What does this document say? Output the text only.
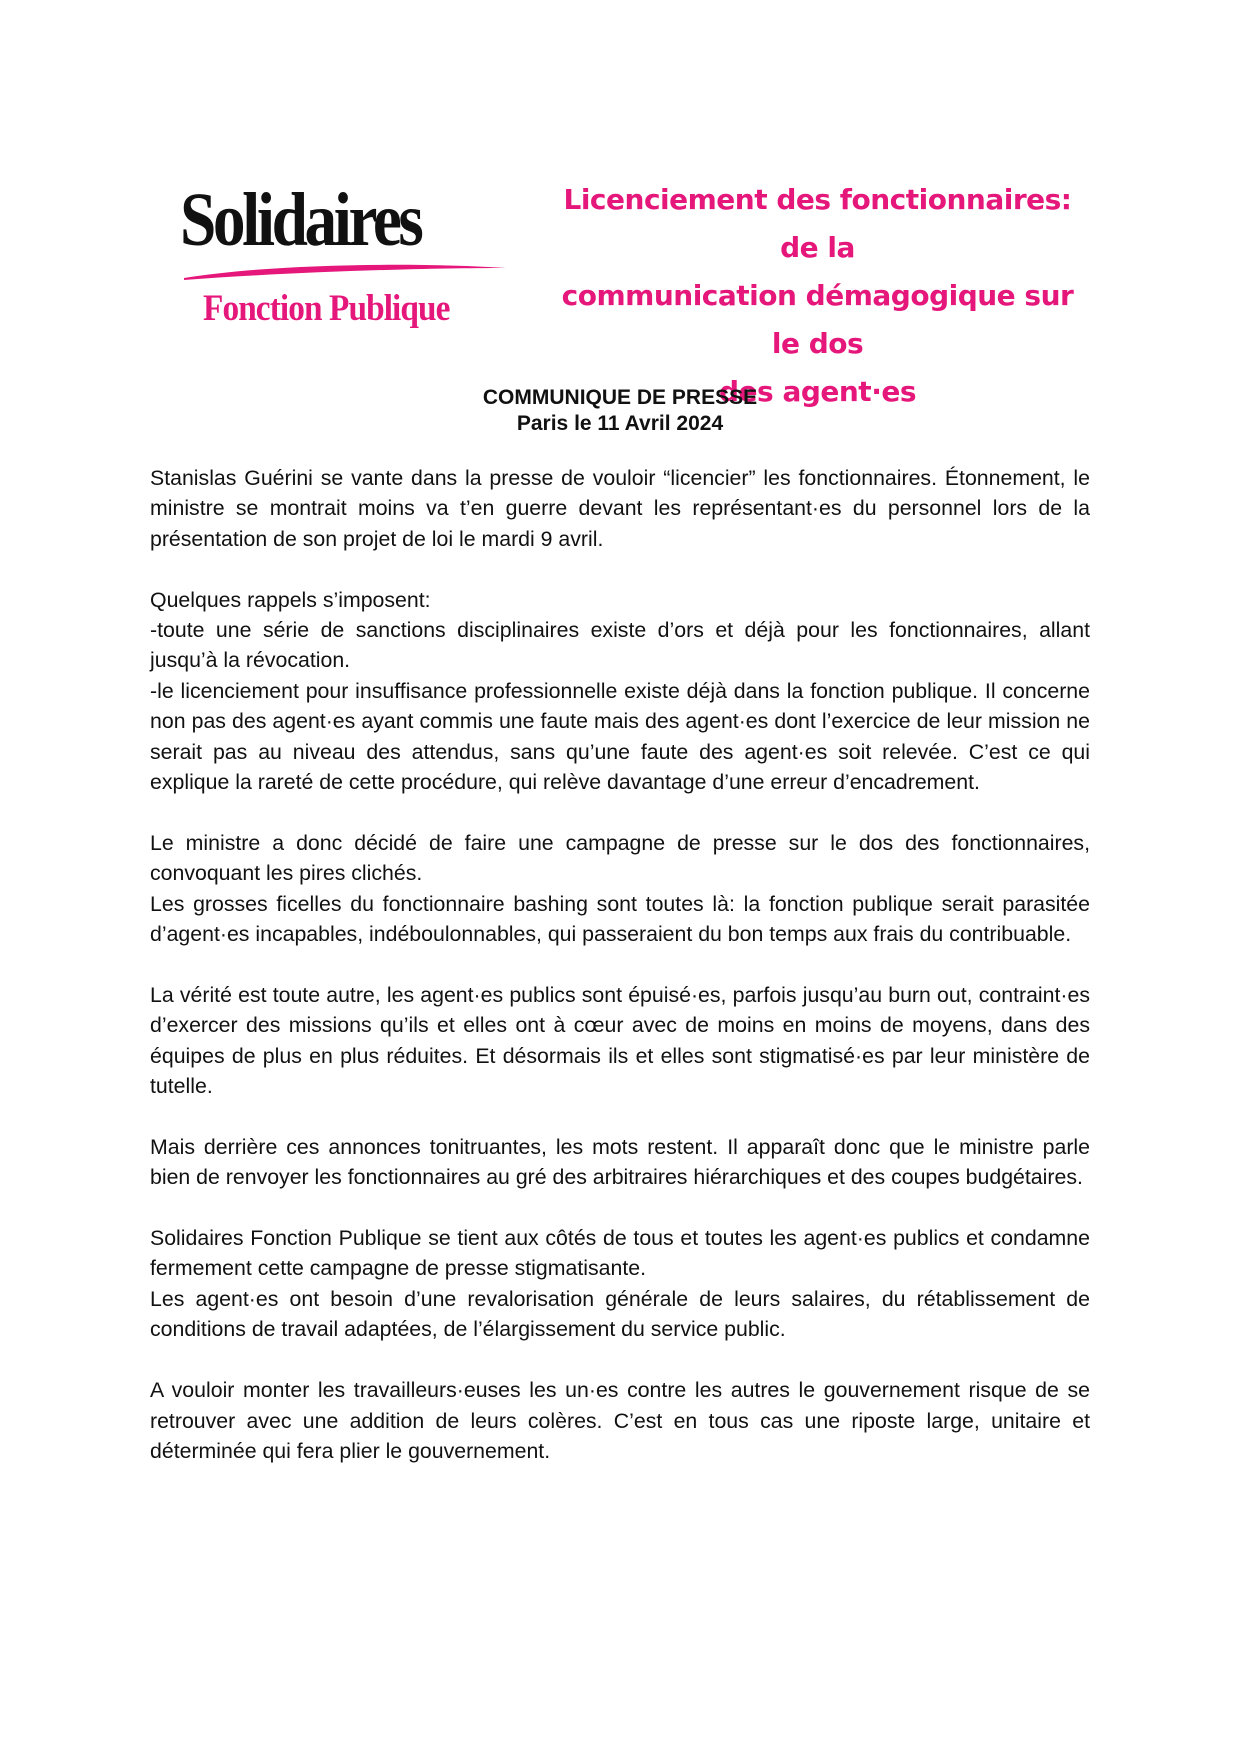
Solidaires
Fonction Publique
Licenciement des fonctionnaires: de la
communication démagogique sur le dos
des agent·es
COMMUNIQUE DE PRESSE
Paris le 11 Avril 2024

Stanislas Guérini se vante dans la presse de vouloir “licencier” les fonctionnaires. Étonnement, le ministre se montrait moins va t’en guerre devant les représentant·es du personnel lors de la présentation de son projet de loi le mardi 9 avril.

Quelques rappels s’imposent:
-toute une série de sanctions disciplinaires existe d’ors et déjà pour les fonctionnaires, allant jusqu’à la révocation.
-le licenciement pour insuffisance professionnelle existe déjà dans la fonction publique. Il concerne non pas des agent·es ayant commis une faute mais des agent·es dont l’exercice de leur mission ne serait pas au niveau des attendus, sans qu’une faute des agent·es soit relevée. C’est ce qui explique la rareté de cette procédure, qui relève davantage d’une erreur d’encadrement.

Le ministre a donc décidé de faire une campagne de presse sur le dos des fonctionnaires, convoquant les pires clichés.
Les grosses ficelles du fonctionnaire bashing sont toutes là: la fonction publique serait parasitée d’agent·es incapables, indéboulonnables, qui passeraient du bon temps aux frais du contribuable.

La vérité est toute autre, les agent·es publics sont épuisé·es, parfois jusqu’au burn out, contraint·es d’exercer des missions qu’ils et elles ont à cœur avec de moins en moins de moyens, dans des équipes de plus en plus réduites. Et désormais ils et elles sont stigmatisé·es par leur ministère de tutelle.

Mais derrière ces annonces tonitruantes, les mots restent. Il apparaît donc que le ministre parle bien de renvoyer les fonctionnaires au gré des arbitraires hiérarchiques et des coupes budgétaires.

Solidaires Fonction Publique se tient aux côtés de tous et toutes les agent·es publics et condamne fermement cette campagne de presse stigmatisante.
Les agent·es ont besoin d’une revalorisation générale de leurs salaires, du rétablissement de conditions de travail adaptées, de l’élargissement du service public.

A vouloir monter les travailleurs·euses les un·es contre les autres le gouvernement risque de se retrouver avec une addition de leurs colères. C’est en tous cas une riposte large, unitaire et déterminée qui fera plier le gouvernement.
